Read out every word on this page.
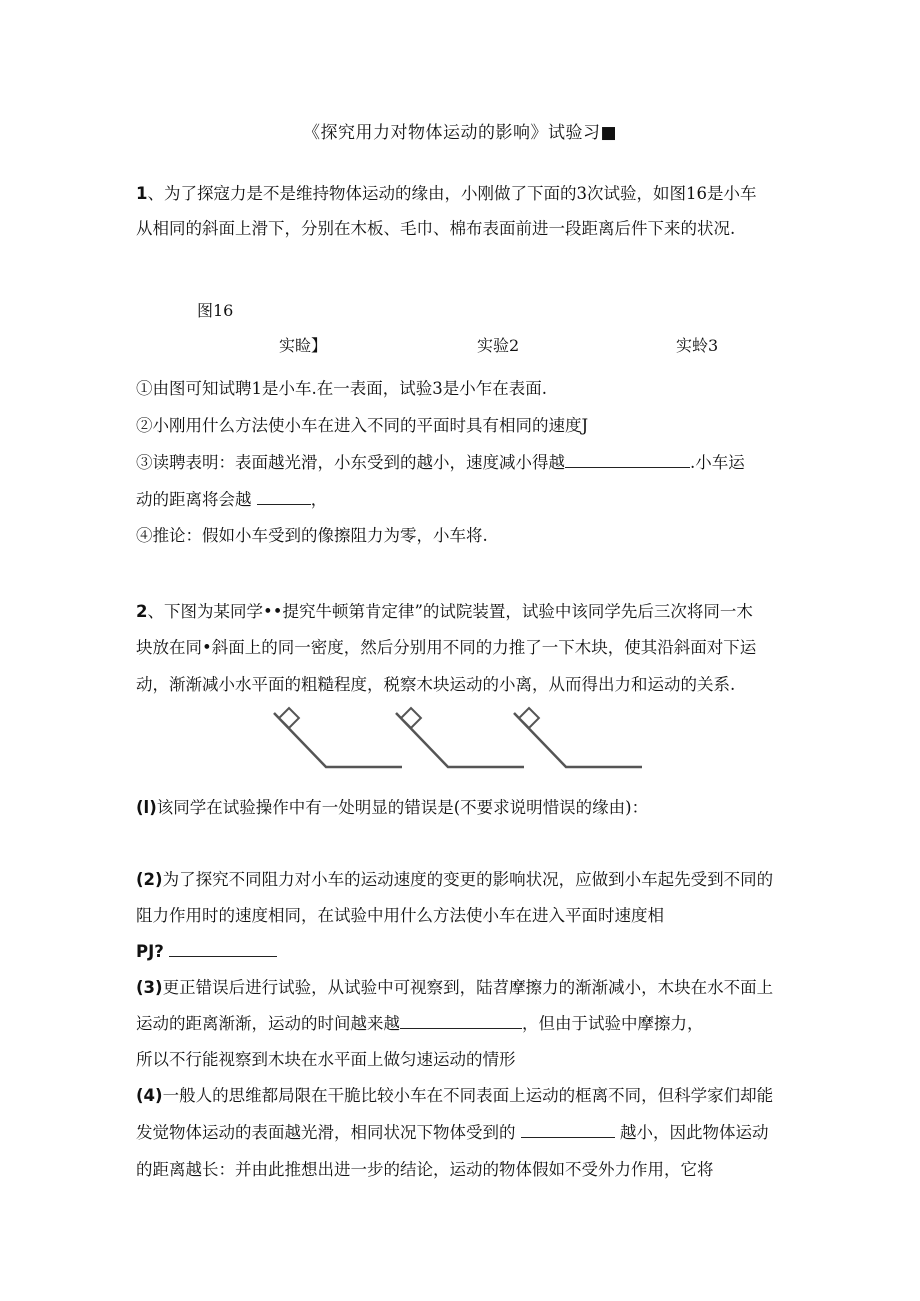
《探究用力对物体运动的影响》试验习■
1、为了探寇力是不是维持物体运动的缘由，小刚做了下面的3次试验，如图16是小车
从相同的斜面上滑下，分别在木板、毛巾、棉布表面前进一段距离后件下来的状况.
图16
实睑】	实验2	实蛉3
①由图可知试聘1是小车.在一表面，试验3是小乍在表面.
②小刚用什么方法使小车在进入不同的平面时具有相同的速度J
③读聘表明：表面越光滑，小东受到的越小，速度减小得越	.小车运
动的距离将会越	，
④推论：假如小车受到的像擦阻力为零，小车将.
2、下图为某同学••提究牛顿第肯定律”的试院装置，试验中该同学先后三次将同一木
块放在同•斜面上的同一密度，然后分别用不同的力推了一下木块，使其沿斜面对下运
动，渐渐减小水平面的粗糙程度，税察木块运动的小离，从而得出力和运动的关系.
(l)该同学在试验操作中有一处明显的错误是(不要求说明惜误的缘由)：
(2)为了探究不同阻力对小车的运动速度的变更的影响状况，应做到小车起先受到不同的
阻力作用时的速度相同，在试验中用什么方法使小车在进入平面时速度相
PJ?
(3)更正错误后进行试验，从试验中可视察到，陆苕摩擦力的渐渐减小，木块在水不面上
运动的距离渐渐，运动的时间越来越	，但由于试验中摩擦力，
所以不行能视察到木块在水平面上做匀速运动的情形
(4)一般人的思维都局限在干脆比较小车在不同表面上运动的框离不同，但科学家们却能
发觉物体运动的表面越光滑，相同状况下物体受到的	越小，因此物体运动
的距离越长：并由此推想出进一步的结论，运动的物体假如不受外力作用，它将
